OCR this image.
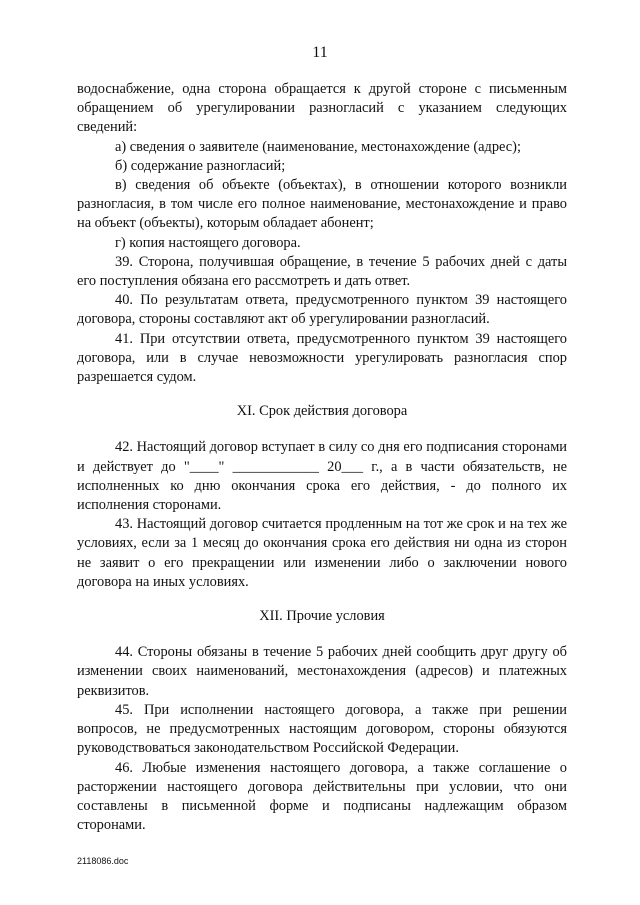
11

водоснабжение, одна сторона обращается к другой стороне с письменным обращением об урегулировании разногласий с указанием следующих сведений:

а) сведения о заявителе (наименование, местонахождение (адрес);

б) содержание разногласий;

в) сведения об объекте (объектах), в отношении которого возникли разногласия, в том числе его полное наименование, местонахождение и право на объект (объекты), которым обладает абонент;

г) копия настоящего договора.

39. Сторона, получившая обращение, в течение 5 рабочих дней с даты его поступления обязана его рассмотреть и дать ответ.

40. По результатам ответа, предусмотренного пунктом 39 настоящего договора, стороны составляют акт об урегулировании разногласий.

41. При отсутствии ответа, предусмотренного пунктом 39 настоящего договора, или в случае невозможности урегулировать разногласия спор разрешается судом.

XI. Срок действия договора

42. Настоящий договор вступает в силу со дня его подписания сторонами и действует до "____" ____________ 20___ г., а в части обязательств, не исполненных ко дню окончания срока его действия, - до полного их исполнения сторонами.

43. Настоящий договор считается продленным на тот же срок и на тех же условиях, если за 1 месяц до окончания срока его действия ни одна из сторон не заявит о его прекращении или изменении либо о заключении нового договора на иных условиях.

XII. Прочие условия

44. Стороны обязаны в течение 5 рабочих дней сообщить друг другу об изменении своих наименований, местонахождения (адресов) и платежных реквизитов.

45. При исполнении настоящего договора, а также при решении вопросов, не предусмотренных настоящим договором, стороны обязуются руководствоваться законодательством Российской Федерации.

46. Любые изменения настоящего договора, а также соглашение о расторжении настоящего договора действительны при условии, что они составлены в письменной форме и подписаны надлежащим образом сторонами.

2118086.doc
